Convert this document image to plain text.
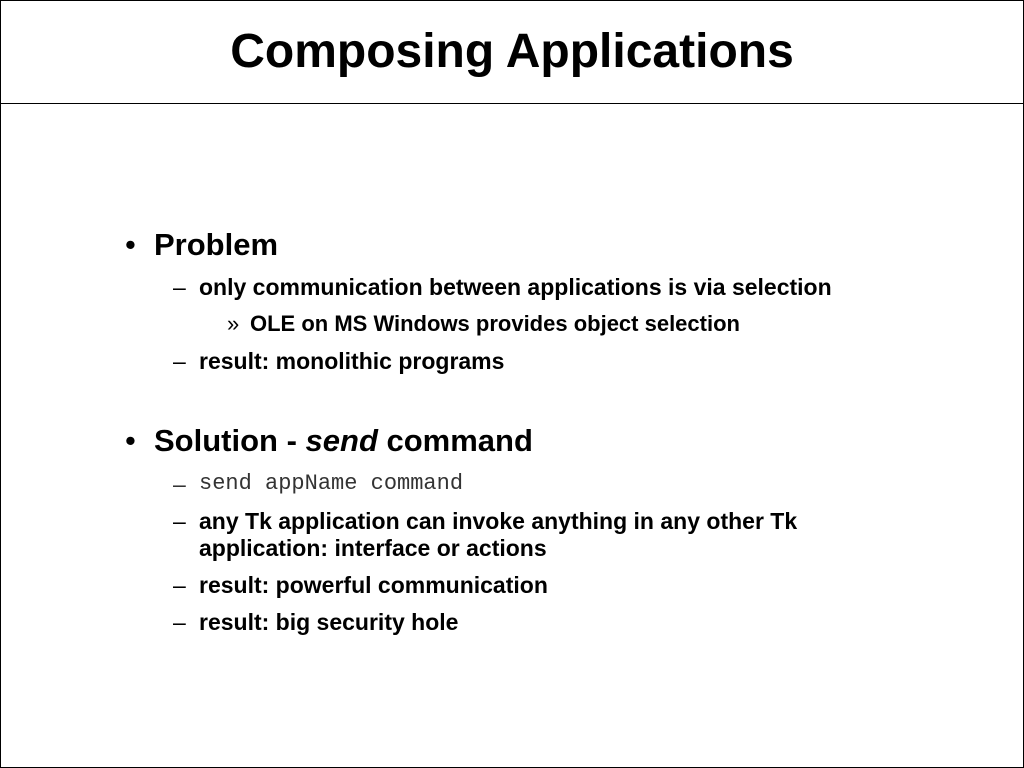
Composing Applications
• Problem
– only communication between applications is via selection
» OLE on MS Windows provides object selection
– result: monolithic programs
• Solution - send command
– send appName command
– any Tk application can invoke anything in any other Tk
application: interface or actions
– result: powerful communication
– result: big security hole
